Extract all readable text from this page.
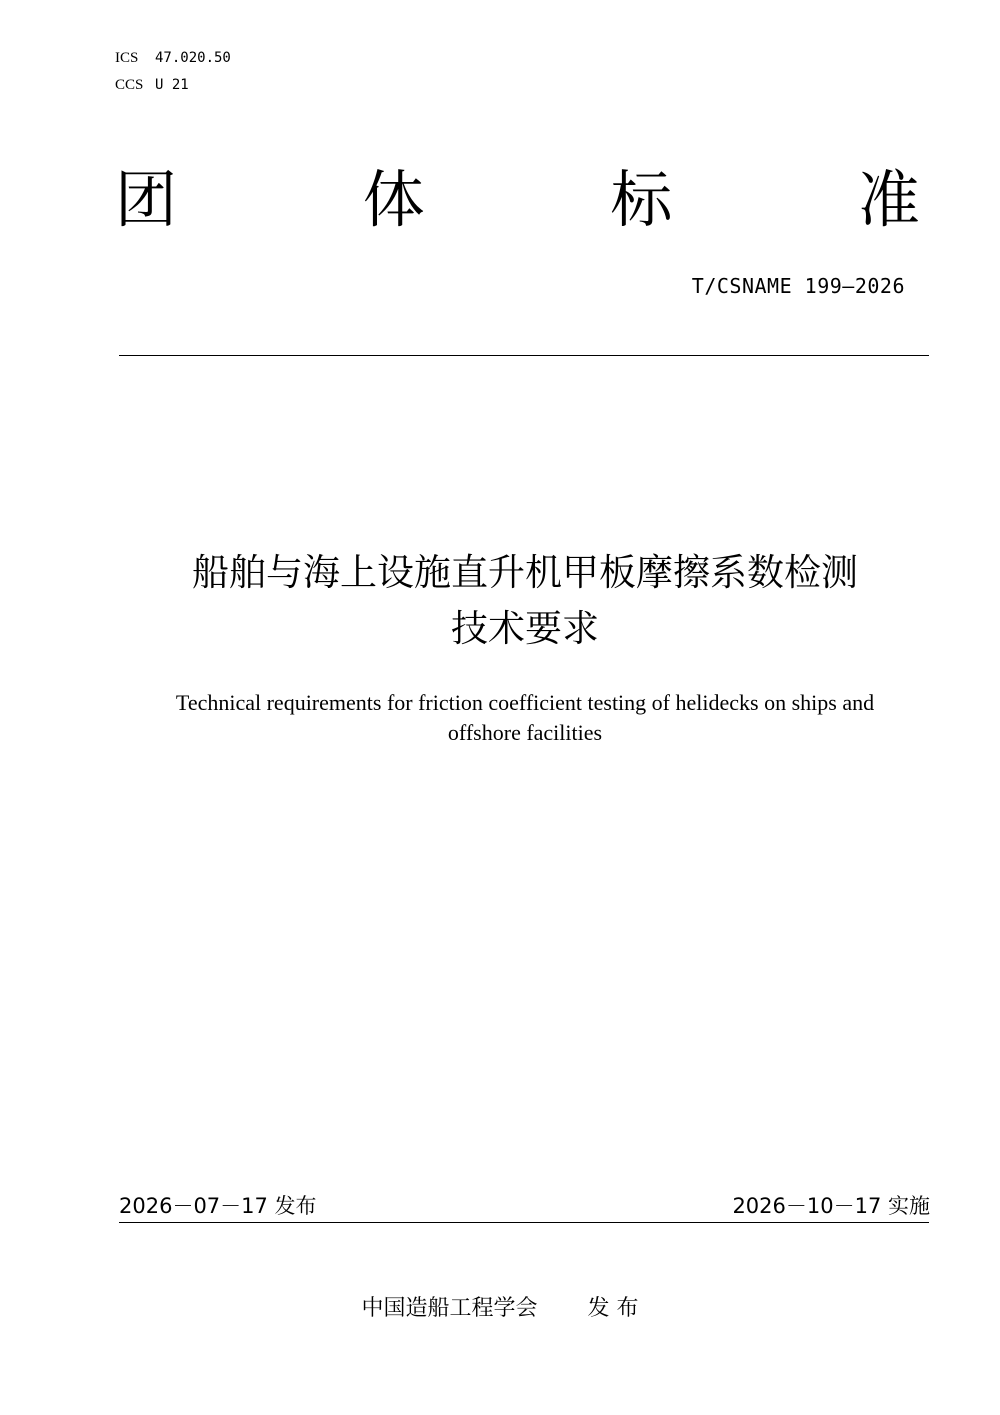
ICS 47.020.50
CCS U 21
团	体	标	准
T/CSNAME 199—2026
船舶与海上设施直升机甲板摩擦系数检测
技术要求
Technical requirements for friction coefficient testing of helidecks on ships and
offshore facilities
2026－07－17 发布	2026－10－17 实施
中国造船工程学会 发 布
